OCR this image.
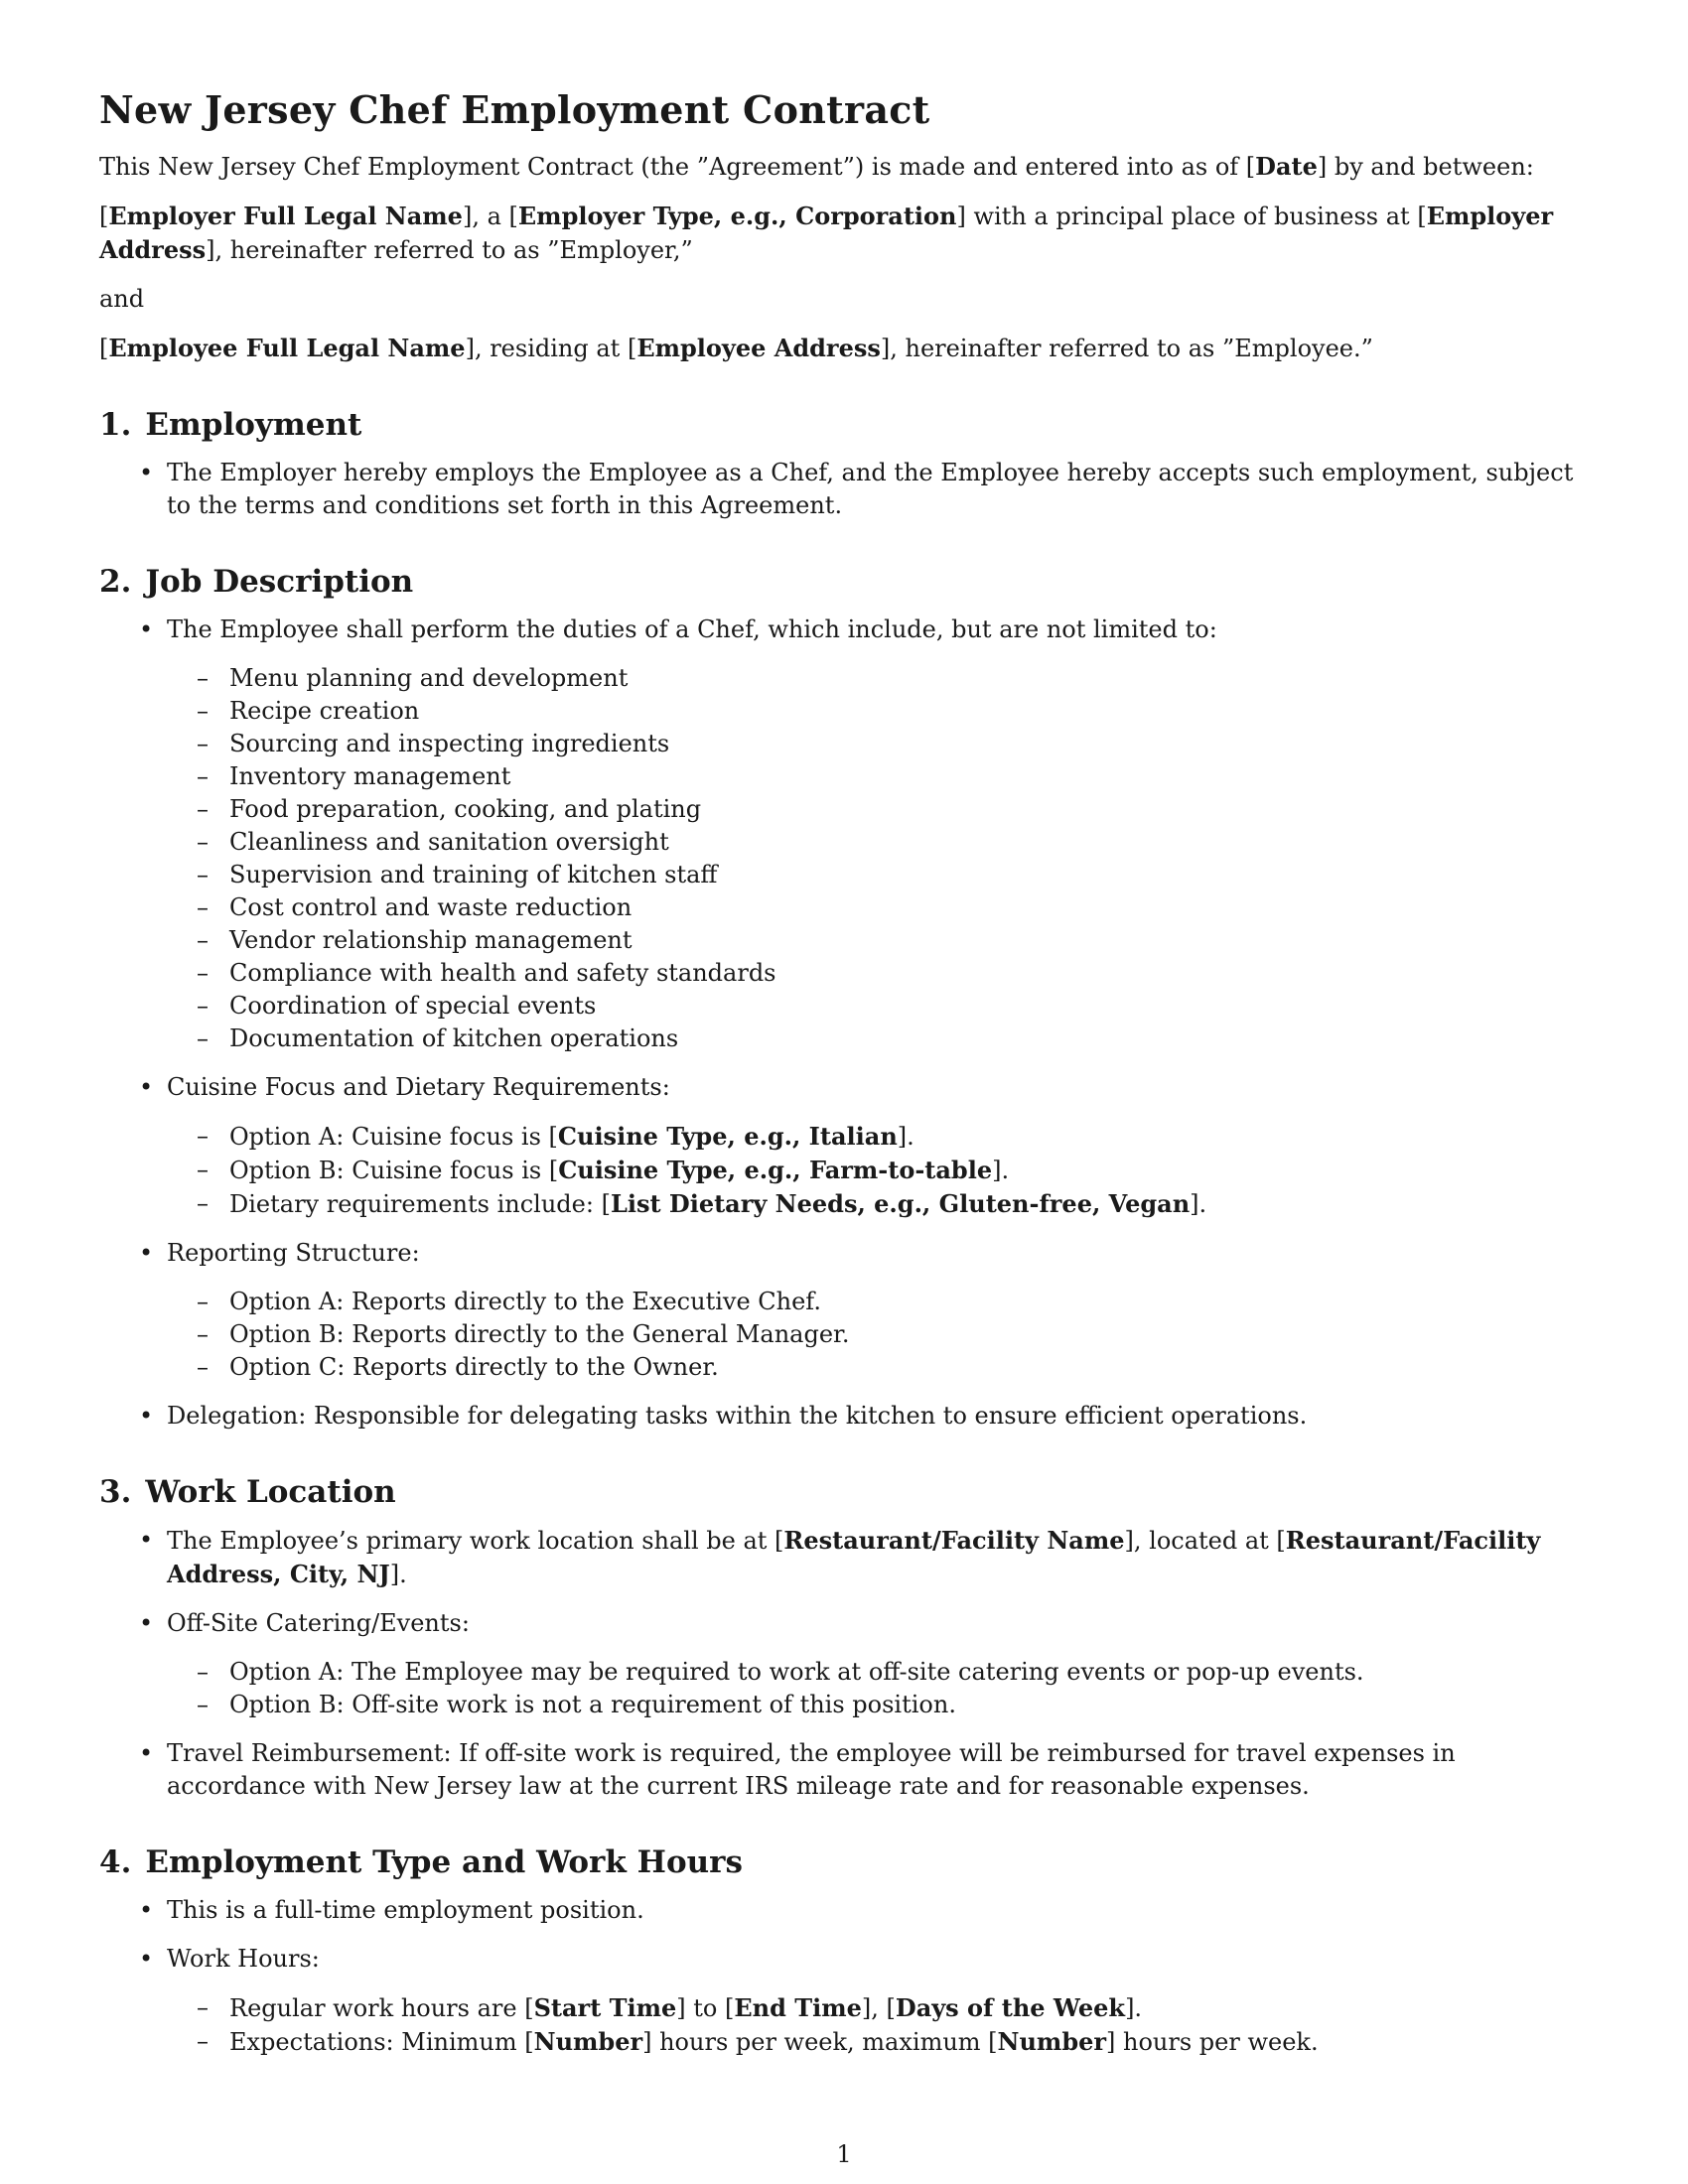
New Jersey Chef Employment Contract

This New Jersey Chef Employment Contract (the ”Agreement”) is made and entered into as of [Date] by and between:

[Employer Full Legal Name], a [Employer Type, e.g., Corporation] with a principal place of business at [Employer Address], hereinafter referred to as ”Employer,”

and

[Employee Full Legal Name], residing at [Employee Address], hereinafter referred to as ”Employee.”

1. Employment
• The Employer hereby employs the Employee as a Chef, and the Employee hereby accepts such employment, subject to the terms and conditions set forth in this Agreement.
2. Job Description
• The Employee shall perform the duties of a Chef, which include, but are not limited to:
– Menu planning and development
– Recipe creation
– Sourcing and inspecting ingredients
– Inventory management
– Food preparation, cooking, and plating
– Cleanliness and sanitation oversight
– Supervision and training of kitchen staff
– Cost control and waste reduction
– Vendor relationship management
– Compliance with health and safety standards
– Coordination of special events
– Documentation of kitchen operations
• Cuisine Focus and Dietary Requirements:
– Option A: Cuisine focus is [Cuisine Type, e.g., Italian].
– Option B: Cuisine focus is [Cuisine Type, e.g., Farm-to-table].
– Dietary requirements include: [List Dietary Needs, e.g., Gluten-free, Vegan].
• Reporting Structure:
– Option A: Reports directly to the Executive Chef.
– Option B: Reports directly to the General Manager.
– Option C: Reports directly to the Owner.
• Delegation: Responsible for delegating tasks within the kitchen to ensure efficient operations.
3. Work Location
• The Employee’s primary work location shall be at [Restaurant/Facility Name], located at [Restaurant/Facility Address, City, NJ].
• Off-Site Catering/Events:
– Option A: The Employee may be required to work at off-site catering events or pop-up events.
– Option B: Off-site work is not a requirement of this position.
• Travel Reimbursement: If off-site work is required, the employee will be reimbursed for travel expenses in accordance with New Jersey law at the current IRS mileage rate and for reasonable expenses.
4. Employment Type and Work Hours
• This is a full-time employment position.
• Work Hours:
– Regular work hours are [Start Time] to [End Time], [Days of the Week].
– Expectations: Minimum [Number] hours per week, maximum [Number] hours per week.
1
